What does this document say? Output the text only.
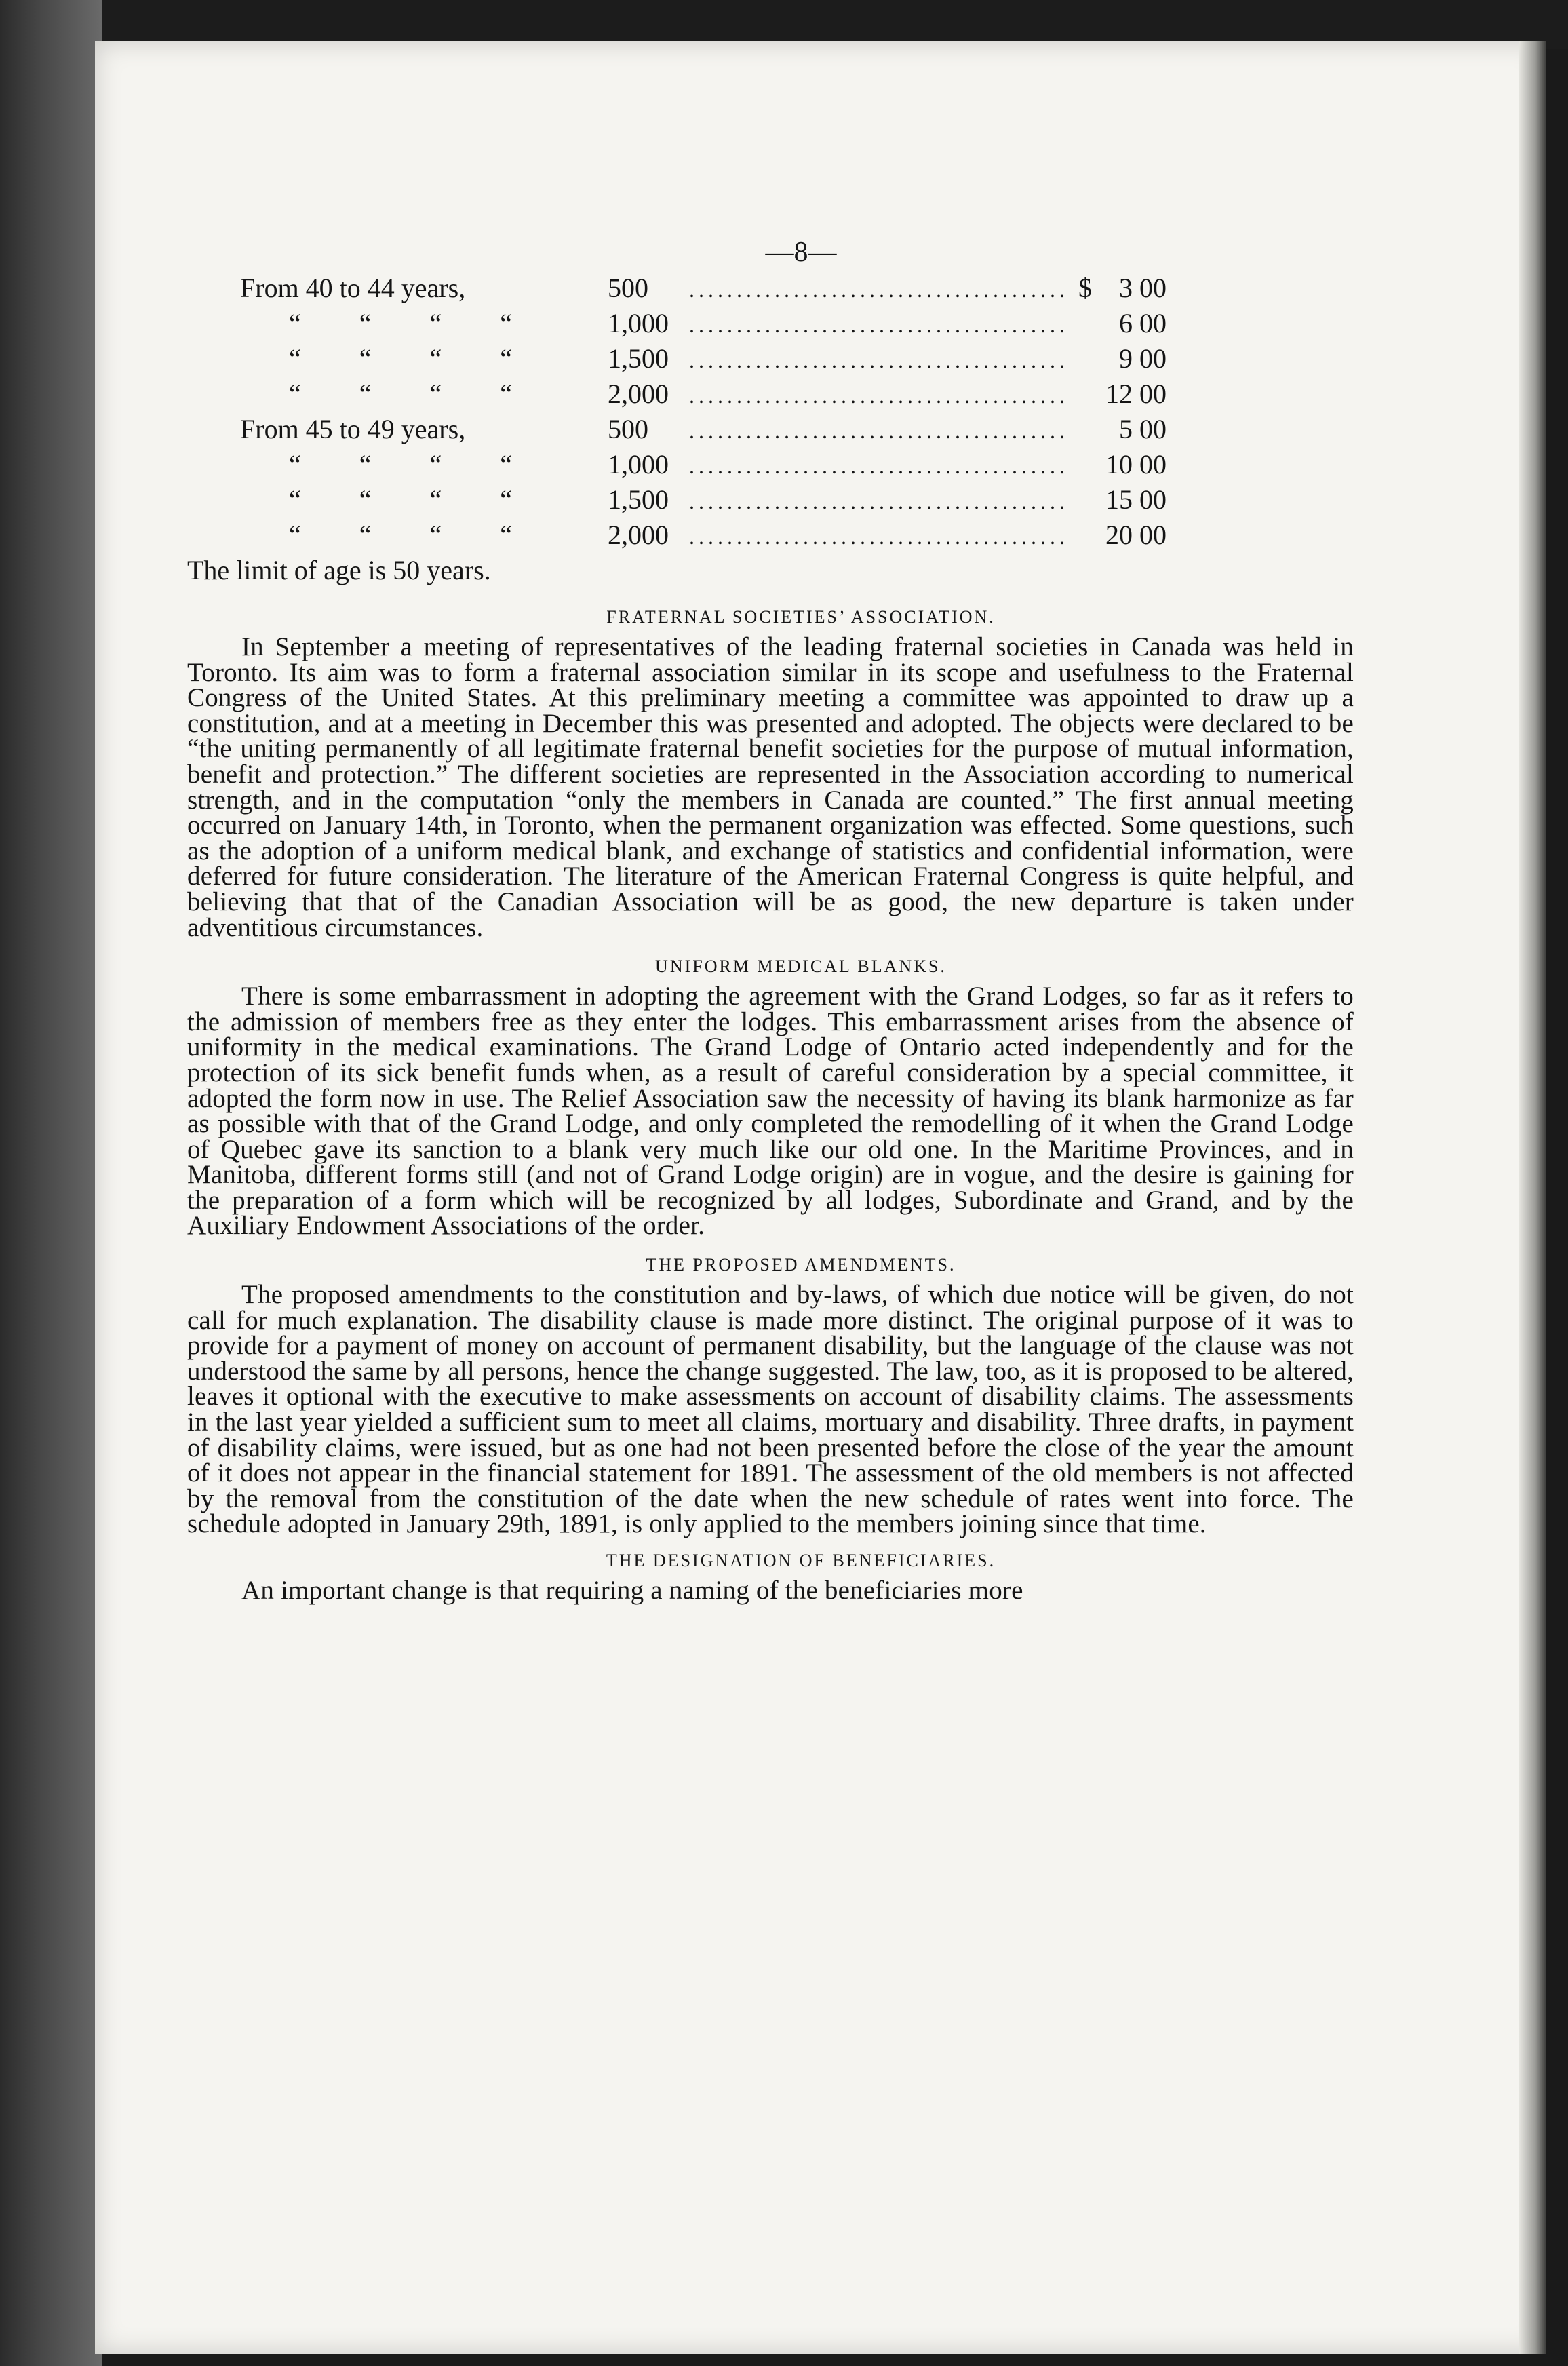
—8—
From 40 to 44 years,	500	........................................	$	3 00
“ “ “ “	1,000	........................................		6 00
“ “ “ “	1,500	........................................		9 00
“ “ “ “	2,000	........................................		12 00
From 45 to 49 years,	500	........................................		5 00
“ “ “ “	1,000	........................................		10 00
“ “ “ “	1,500	........................................		15 00
“ “ “ “	2,000	........................................		20 00
The limit of age is 50 years.
FRATERNAL SOCIETIES’ ASSOCIATION.

In September a meeting of representatives of the leading fraternal societies in Canada was held in Toronto. Its aim was to form a fraternal association similar in its scope and usefulness to the Fraternal Congress of the United States. At this preliminary meeting a committee was appointed to draw up a constitution, and at a meeting in December this was presented and adopted. The objects were declared to be “the uniting permanently of all legitimate fraternal benefit societies for the purpose of mutual information, benefit and protection.” The different societies are represented in the Association according to numerical strength, and in the computation “only the members in Canada are counted.” The first annual meeting occurred on January 14th, in Toronto, when the permanent organization was effected. Some questions, such as the adoption of a uniform medical blank, and exchange of statistics and confidential information, were deferred for future consideration. The literature of the American Fraternal Congress is quite helpful, and believing that that of the Canadian Association will be as good, the new departure is taken under adventitious circumstances.

UNIFORM MEDICAL BLANKS.

There is some embarrassment in adopting the agreement with the Grand Lodges, so far as it refers to the admission of members free as they enter the lodges. This embarrassment arises from the absence of uniformity in the medical examinations. The Grand Lodge of Ontario acted independently and for the protection of its sick benefit funds when, as a result of careful consideration by a special committee, it adopted the form now in use. The Relief Association saw the necessity of having its blank harmonize as far as possible with that of the Grand Lodge, and only completed the remodelling of it when the Grand Lodge of Quebec gave its sanction to a blank very much like our old one. In the Maritime Provinces, and in Manitoba, different forms still (and not of Grand Lodge origin) are in vogue, and the desire is gaining for the preparation of a form which will be recognized by all lodges, Subordinate and Grand, and by the Auxiliary Endowment Associations of the order.

THE PROPOSED AMENDMENTS.

The proposed amendments to the constitution and by-laws, of which due notice will be given, do not call for much explanation. The disability clause is made more distinct. The original purpose of it was to provide for a payment of money on account of permanent disability, but the language of the clause was not understood the same by all persons, hence the change suggested. The law, too, as it is proposed to be altered, leaves it optional with the executive to make assessments on account of disability claims. The assessments in the last year yielded a sufficient sum to meet all claims, mortuary and disability. Three drafts, in payment of disability claims, were issued, but as one had not been presented before the close of the year the amount of it does not appear in the financial statement for 1891. The assessment of the old members is not affected by the removal from the constitution of the date when the new schedule of rates went into force. The schedule adopted in January 29th, 1891, is only applied to the members joining since that time.

THE DESIGNATION OF BENEFICIARIES.

An important change is that requiring a naming of the beneficiaries more
